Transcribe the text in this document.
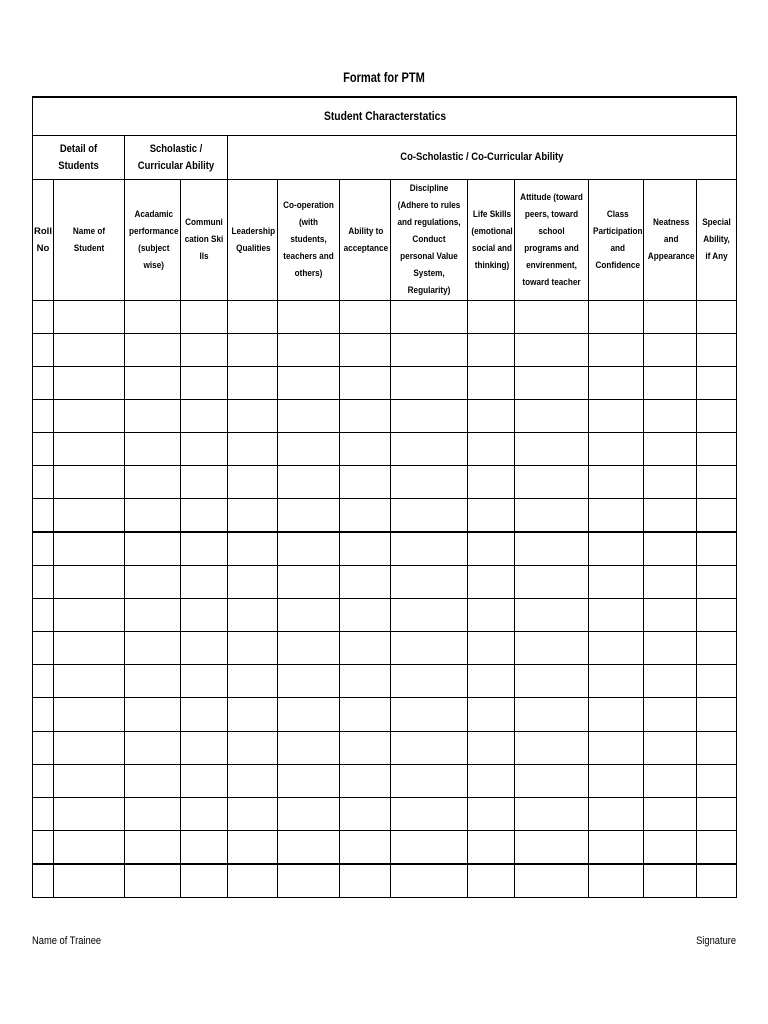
Format for PTM
Student Characterstatics												
Detail of Students		Scholastic / Curricular Ability		Co-Scholastic / Co-Curricular Ability								
Roll No	Name of Student	Acadamic performance (subject wise)	Communication Skills	Leadership Qualities	Co-operation (with students, teachers and others)	Ability to acceptance	Discipline (Adhere to rules and regulations, Conduct personal Value System, Regularity)	Life Skills (emotional social and thinking)	Attitude (toward peers, toward school programs and envirenment, toward teacher	Class Participation and Confidence	Neatness and Appearance	Special Ability, if Any

Name of Trainee	Signature
